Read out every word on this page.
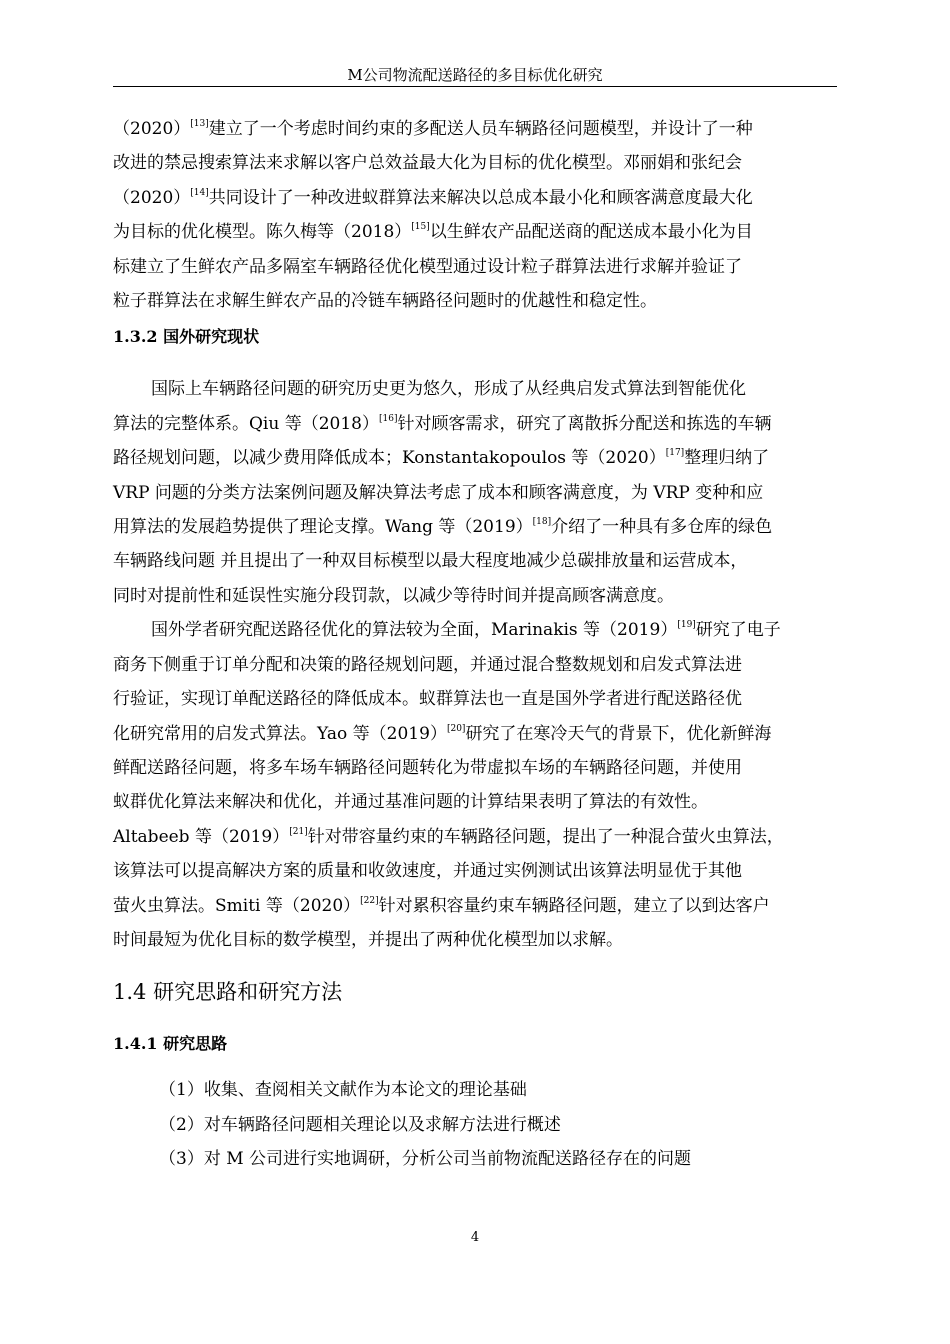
M公司物流配送路径的多目标优化研究

（2020）[13]建立了一个考虑时间约束的多配送人员车辆路径问题模型，并设计了一种
改进的禁忌搜索算法来求解以客户总效益最大化为目标的优化模型。邓丽娟和张纪会
（2020）[14]共同设计了一种改进蚁群算法来解决以总成本最小化和顾客满意度最大化
为目标的优化模型。陈久梅等（2018）[15]以生鲜农产品配送商的配送成本最小化为目
标建立了生鲜农产品多隔室车辆路径优化模型通过设计粒子群算法进行求解并验证了
粒子群算法在求解生鲜农产品的冷链车辆路径问题时的优越性和稳定性。

1.3.2 国外研究现状

国际上车辆路径问题的研究历史更为悠久，形成了从经典启发式算法到智能优化
算法的完整体系。Qiu 等（2018）[16]针对顾客需求，研究了离散拆分配送和拣选的车辆
路径规划问题，以减少费用降低成本；Konstantakopoulos 等（2020）[17]整理归纳了
VRP 问题的分类方法案例问题及解决算法考虑了成本和顾客满意度，为 VRP 变种和应
用算法的发展趋势提供了理论支撑。Wang 等（2019）[18]介绍了一种具有多仓库的绿色
车辆路线问题 并且提出了一种双目标模型以最大程度地减少总碳排放量和运营成本，
同时对提前性和延误性实施分段罚款，以减少等待时间并提高顾客满意度。

国外学者研究配送路径优化的算法较为全面，Marinakis 等（2019）[19]研究了电子
商务下侧重于订单分配和决策的路径规划问题，并通过混合整数规划和启发式算法进
行验证，实现订单配送路径的降低成本。蚁群算法也一直是国外学者进行配送路径优
化研究常用的启发式算法。Yao 等（2019）[20]研究了在寒冷天气的背景下，优化新鲜海
鲜配送路径问题，将多车场车辆路径问题转化为带虚拟车场的车辆路径问题，并使用
蚁群优化算法来解决和优化，并通过基准问题的计算结果表明了算法的有效性。
Altabeeb 等（2019）[21]针对带容量约束的车辆路径问题，提出了一种混合萤火虫算法，
该算法可以提高解决方案的质量和收敛速度，并通过实例测试出该算法明显优于其他
萤火虫算法。Smiti 等（2020）[22]针对累积容量约束车辆路径问题，建立了以到达客户
时间最短为优化目标的数学模型，并提出了两种优化模型加以求解。

1.4 研究思路和研究方法
1.4.1 研究思路

（1）收集、查阅相关文献作为本论文的理论基础

（2）对车辆路径问题相关理论以及求解方法进行概述

（3）对 M 公司进行实地调研，分析公司当前物流配送路径存在的问题

4
